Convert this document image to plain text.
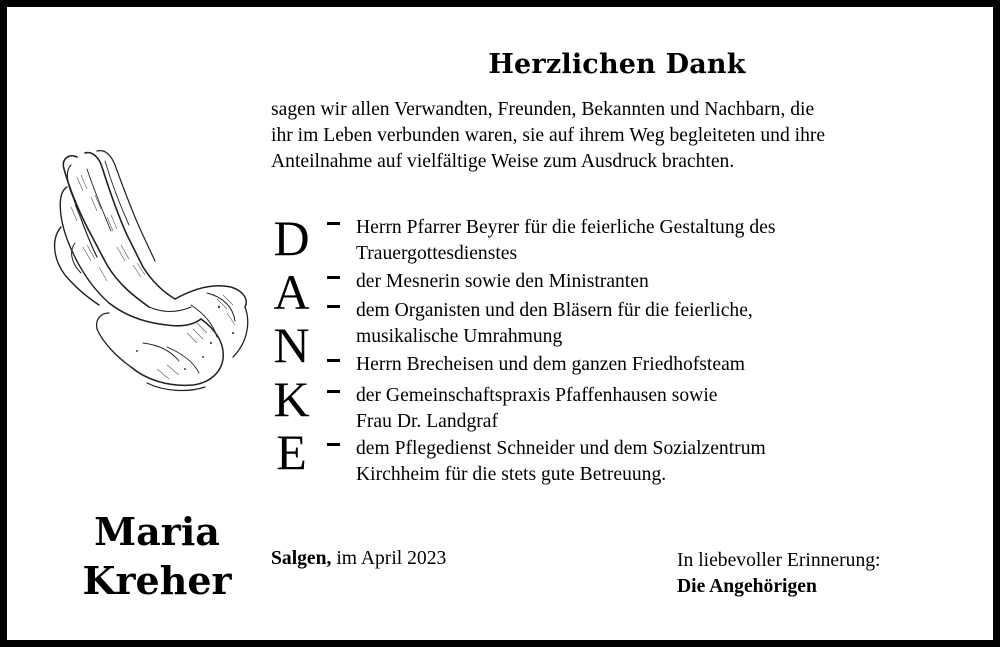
Herzlichen Dank
sagen wir allen Verwandten, Freunden, Bekannten und Nachbarn, die
ihr im Leben verbunden waren, sie auf ihrem Weg begleiteten und ihre
Anteilnahme auf vielfältige Weise zum Ausdruck brachten.
D
A
N
K
E
Herrn Pfarrer Beyrer für die feierliche Gestaltung des
Trauergottesdienstes
der Mesnerin sowie den Ministranten
dem Organisten und den Bläsern für die feierliche,
musikalische Umrahmung
Herrn Brecheisen und dem ganzen Friedhofsteam
der Gemeinschaftspraxis Pfaffenhausen sowie
Frau Dr. Landgraf
dem Pflegedienst Schneider und dem Sozialzentrum
Kirchheim für die stets gute Betreuung.
Maria
Kreher	Salgen, im April 2023	In liebevoller Erinnerung:
Die Angehörigen
